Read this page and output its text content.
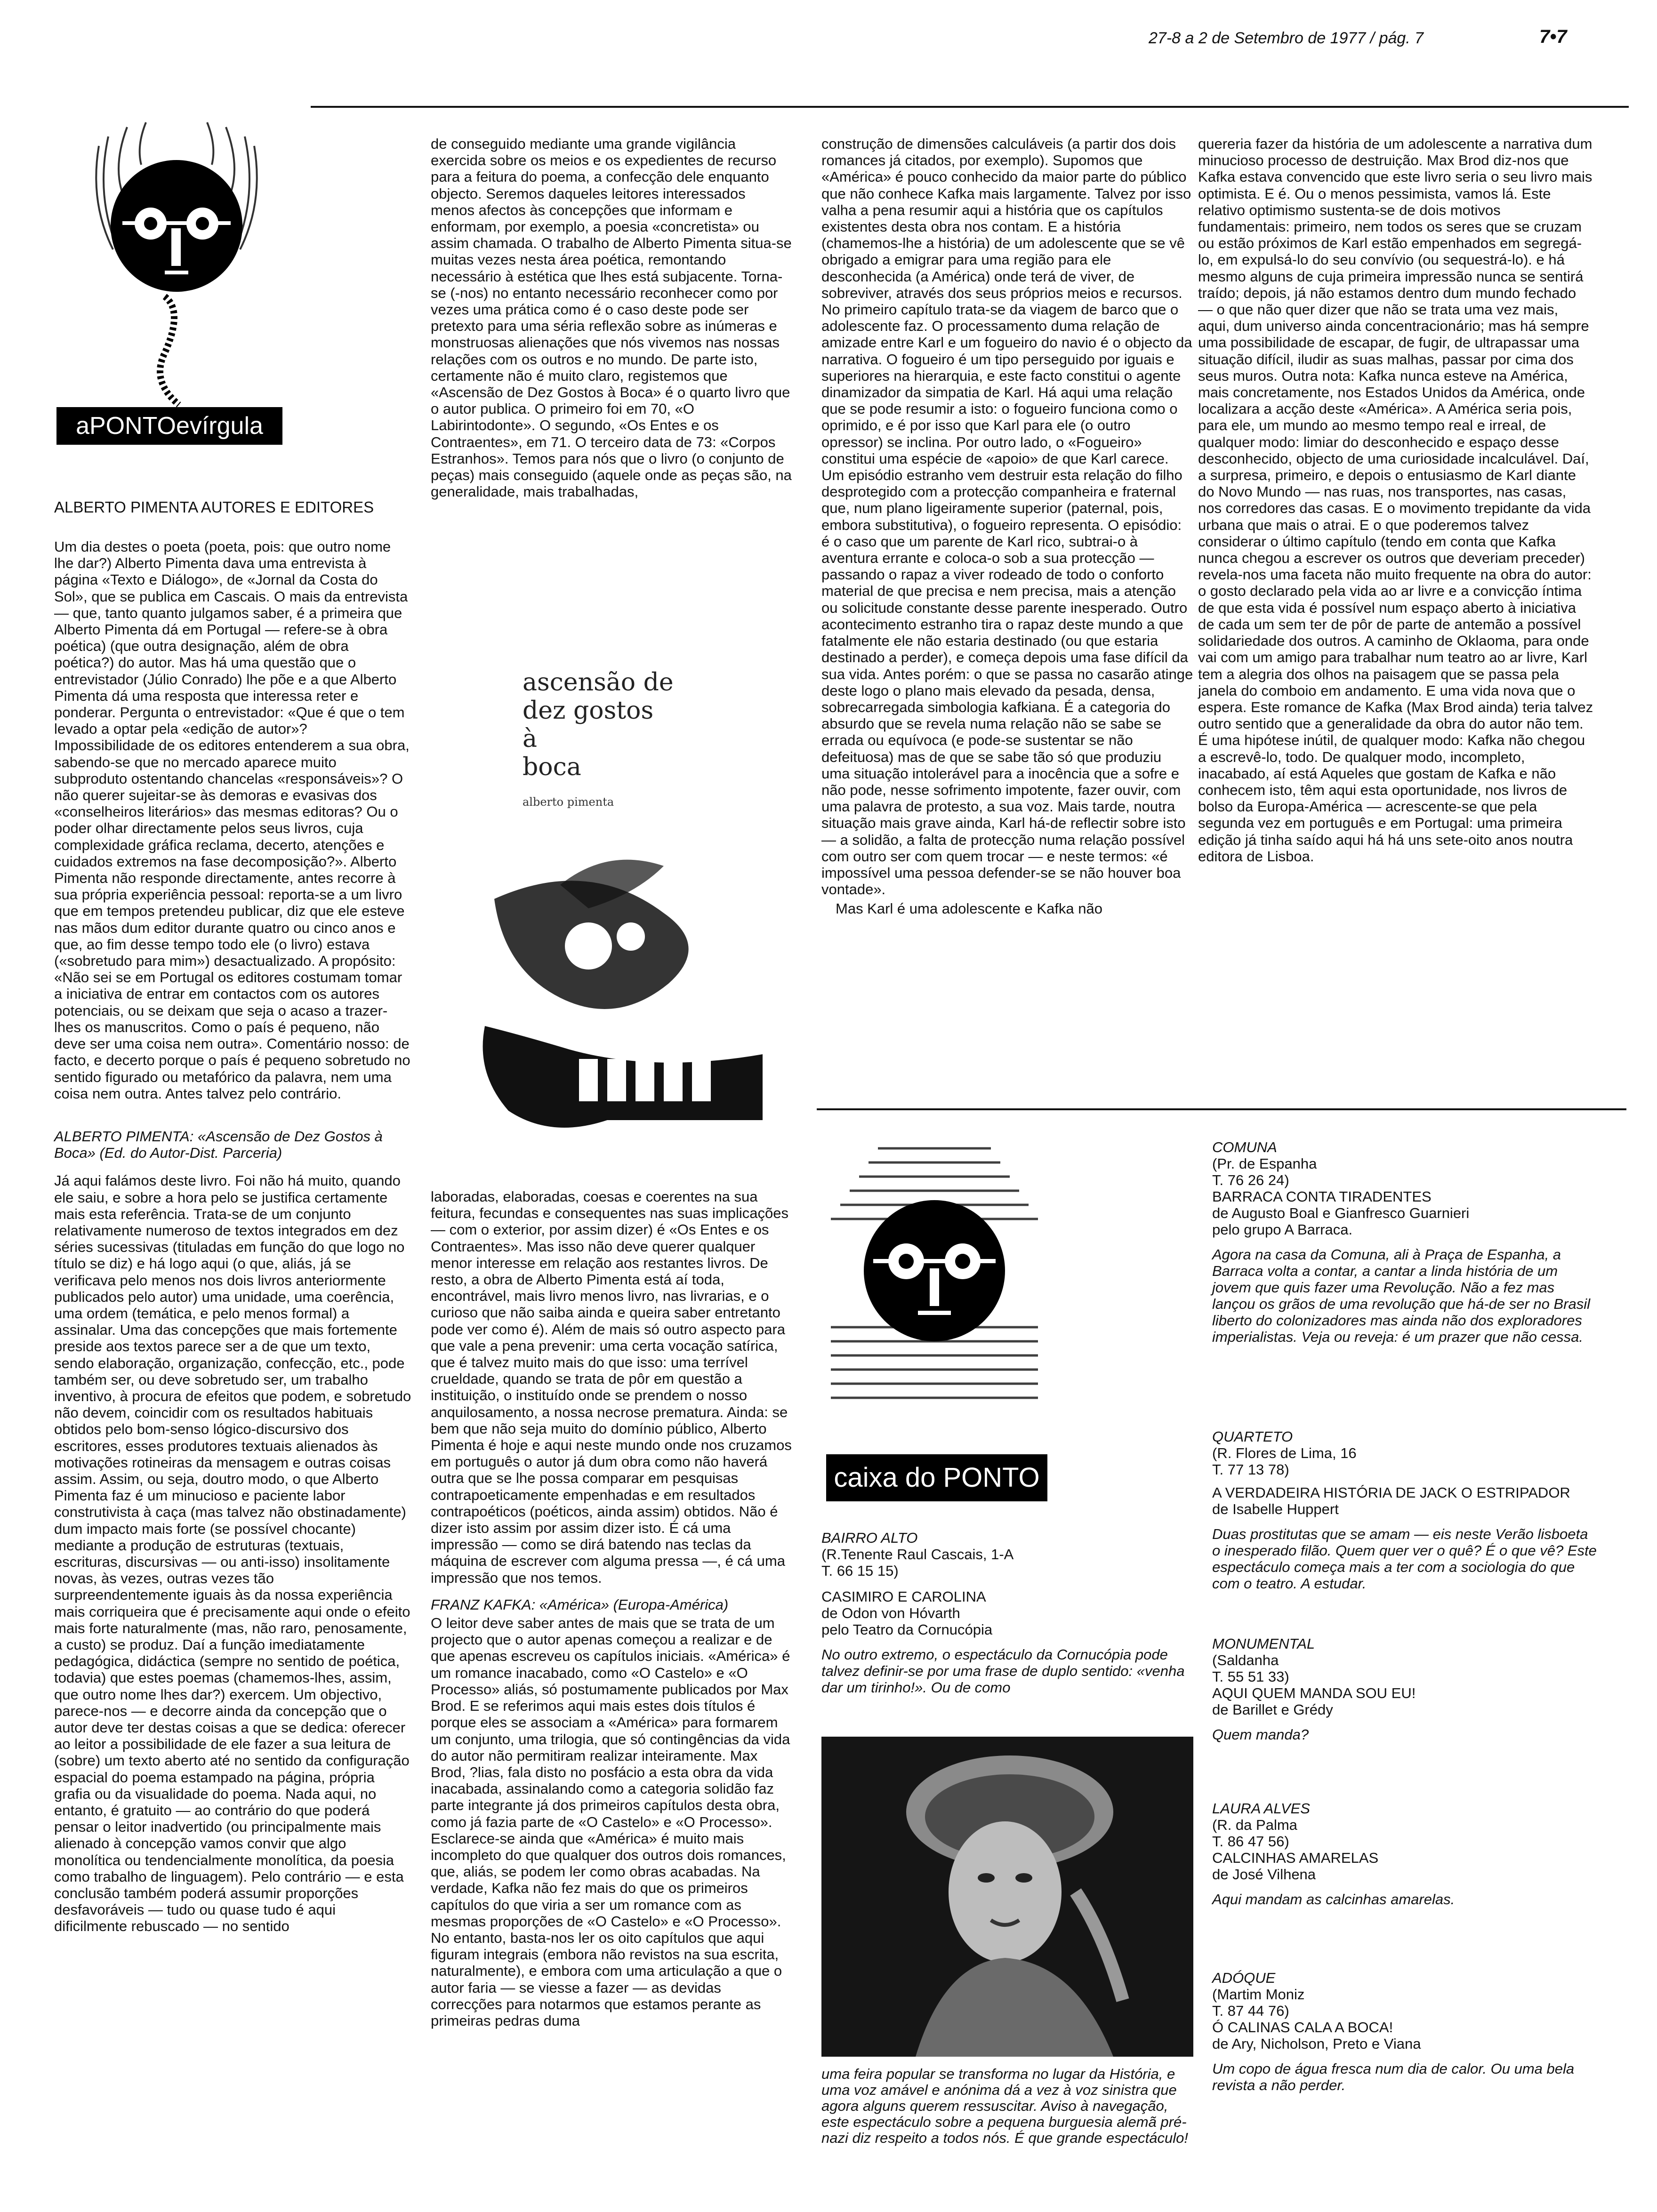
27-8 a 2 de Setembro de 1977 / pág. 7	7•7
aPONTOevírgula
ALBERTO PIMENTA AUTORES E EDITORES

Um dia destes o poeta (poeta, pois: que outro nome lhe dar?) Alberto Pimenta dava uma entrevista à página «Texto e Diálogo», de «Jornal da Costa do Sol», que se publica em Cascais. O mais da entrevista — que, tanto quanto julgamos saber, é a primeira que Alberto Pimenta dá em Portugal — refere-se à obra poética) (que outra designação, além de obra poética?) do autor. Mas há uma questão que o entrevistador (Júlio Conrado) lhe põe e a que Alberto Pimenta dá uma resposta que interessa reter e ponderar. Pergunta o entrevistador: «Que é que o tem levado a optar pela «edição de autor»? Impossibilidade de os editores entenderem a sua obra, sabendo-se que no mercado aparece muito subproduto ostentando chancelas «responsáveis»? O não querer sujeitar-se às demoras e evasivas dos «conselheiros literários» das mesmas editoras? Ou o poder olhar directamente pelos seus livros, cuja complexidade gráfica reclama, decerto, atenções e cuidados extremos na fase decomposição?». Alberto Pimenta não responde directamente, antes recorre à sua própria experiência pessoal: reporta-se a um livro que em tempos pretendeu publicar, diz que ele esteve nas mãos dum editor durante quatro ou cinco anos e que, ao fim desse tempo todo ele (o livro) estava («sobretudo para mim») desactualizado. A propósito: «Não sei se em Portugal os editores costumam tomar a iniciativa de entrar em contactos com os autores potenciais, ou se deixam que seja o acaso a trazer-lhes os manuscritos. Como o país é pequeno, não deve ser uma coisa nem outra». Comentário nosso: de facto, e decerto porque o país é pequeno sobretudo no sentido figurado ou metafórico da palavra, nem uma coisa nem outra. Antes talvez pelo contrário.

ALBERTO PIMENTA: «Ascensão de Dez Gostos à Boca» (Ed. do Autor-Dist. Parceria)

Já aqui falámos deste livro. Foi não há muito, quando ele saiu, e sobre a hora pelo se justifica certamente mais esta referência. Trata-se de um conjunto relativamente numeroso de textos integrados em dez séries sucessivas (tituladas em função do que logo no título se diz) e há logo aqui (o que, aliás, já se verificava pelo menos nos dois livros anteriormente publicados pelo autor) uma unidade, uma coerência, uma ordem (temática, e pelo menos formal) a assinalar. Uma das concepções que mais fortemente preside aos textos parece ser a de que um texto, sendo elaboração, organização, confecção, etc., pode também ser, ou deve sobretudo ser, um trabalho inventivo, à procura de efeitos que podem, e sobretudo não devem, coincidir com os resultados habituais obtidos pelo bom-senso lógico-discursivo dos escritores, esses produtores textuais alienados às motivações rotineiras da mensagem e outras coisas assim. Assim, ou seja, doutro modo, o que Alberto Pimenta faz é um minucioso e paciente labor construtivista à caça (mas talvez não obstinadamente) dum impacto mais forte (se possível chocante) mediante a produção de estruturas (textuais, escrituras, discursivas — ou anti-isso) insolitamente novas, às vezes, outras vezes tão surpreendentemente iguais às da nossa experiência mais corriqueira que é precisamente aqui onde o efeito mais forte naturalmente (mas, não raro, penosamente, a custo) se produz. Daí a função imediatamente pedagógica, didáctica (sempre no sentido de poética, todavia) que estes poemas (chamemos-lhes, assim, que outro nome lhes dar?) exercem. Um objectivo, parece-nos — e decorre ainda da concepção que o autor deve ter destas coisas a que se dedica: oferecer ao leitor a possibilidade de ele fazer a sua leitura de (sobre) um texto aberto até no sentido da configuração espacial do poema estampado na página, própria grafia ou da visualidade do poema. Nada aqui, no entanto, é gratuito — ao contrário do que poderá pensar o leitor inadvertido (ou principalmente mais alienado à concepção vamos convir que algo monolítica ou tendencialmente monolítica, da poesia como trabalho de linguagem). Pelo contrário — e esta conclusão também poderá assumir proporções desfavoráveis — tudo ou quase tudo é aqui dificilmente rebuscado — no sentido

de conseguido mediante uma grande vigilância exercida sobre os meios e os expedientes de recurso para a feitura do poema, a confecção dele enquanto objecto. Seremos daqueles leitores interessados menos afectos às concepções que informam e enformam, por exemplo, a poesia «concretista» ou assim chamada. O trabalho de Alberto Pimenta situa-se muitas vezes nesta área poética, remontando necessário à estética que lhes está subjacente. Torna-se (-nos) no entanto necessário reconhecer como por vezes uma prática como é o caso deste pode ser pretexto para uma séria reflexão sobre as inúmeras e monstruosas alienações que nós vivemos nas nossas relações com os outros e no mundo. De parte isto, certamente não é muito claro, registemos que «Ascensão de Dez Gostos à Boca» é o quarto livro que o autor publica. O primeiro foi em 70, «O Labirintodonte». O segundo, «Os Entes e os Contraentes», em 71. O terceiro data de 73: «Corpos Estranhos». Temos para nós que o livro (o conjunto de peças) mais conseguido (aquele onde as peças são, na generalidade, mais trabalhadas,

ascensão de
dez gostos
à
boca
alberto pimenta

laboradas, elaboradas, coesas e coerentes na sua feitura, fecundas e consequentes nas suas implicações — com o exterior, por assim dizer) é «Os Entes e os Contraentes». Mas isso não deve querer qualquer menor interesse em relação aos restantes livros. De resto, a obra de Alberto Pimenta está aí toda, encontrável, mais livro menos livro, nas livrarias, e o curioso que não saiba ainda e queira saber entretanto pode ver como é). Além de mais só outro aspecto para que vale a pena prevenir: uma certa vocação satírica, que é talvez muito mais do que isso: uma terrível crueldade, quando se trata de pôr em questão a instituição, o instituído onde se prendem o nosso anquilosamento, a nossa necrose prematura. Ainda: se bem que não seja muito do domínio público, Alberto Pimenta é hoje e aqui neste mundo onde nos cruzamos em português o autor já dum obra como não haverá outra que se lhe possa comparar em pesquisas contrapoeticamente empenhadas e em resultados contrapoéticos (poéticos, ainda assim) obtidos. Não é dizer isto assim por assim dizer isto. É cá uma impressão — como se dirá batendo nas teclas da máquina de escrever com alguma pressa —, é cá uma impressão que nos temos.

FRANZ KAFKA: «América» (Europa-América)

O leitor deve saber antes de mais que se trata de um projecto que o autor apenas começou a realizar e de que apenas escreveu os capítulos iniciais. «América» é um romance inacabado, como «O Castelo» e «O Processo» aliás, só postumamente publicados por Max Brod. E se referimos aqui mais estes dois títulos é porque eles se associam a «América» para formarem um conjunto, uma trilogia, que só contingências da vida do autor não permitiram realizar inteiramente. Max Brod, ?lias, fala disto no posfácio a esta obra da vida inacabada, assinalando como a categoria solidão faz parte integrante já dos primeiros capítulos desta obra, como já fazia parte de «O Castelo» e «O Processo». Esclarece-se ainda que «América» é muito mais incompleto do que qualquer dos outros dois romances, que, aliás, se podem ler como obras acabadas. Na verdade, Kafka não fez mais do que os primeiros capítulos do que viria a ser um romance com as mesmas proporções de «O Castelo» e «O Processo». No entanto, basta-nos ler os oito capítulos que aqui figuram integrais (embora não revistos na sua escrita, naturalmente), e embora com uma articulação a que o autor faria — se viesse a fazer — as devidas correcções para notarmos que estamos perante as primeiras pedras duma

construção de dimensões calculáveis (a partir dos dois romances já citados, por exemplo). Supomos que «América» é pouco conhecido da maior parte do público que não conhece Kafka mais largamente. Talvez por isso valha a pena resumir aqui a história que os capítulos existentes desta obra nos contam. E a história (chamemos-lhe a história) de um adolescente que se vê obrigado a emigrar para uma região para ele desconhecida (a América) onde terá de viver, de sobreviver, através dos seus próprios meios e recursos. No primeiro capítulo trata-se da viagem de barco que o adolescente faz. O processamento duma relação de amizade entre Karl e um fogueiro do navio é o objecto da narrativa. O fogueiro é um tipo perseguido por iguais e superiores na hierarquia, e este facto constitui o agente dinamizador da simpatia de Karl. Há aqui uma relação que se pode resumir a isto: o fogueiro funciona como o oprimido, e é por isso que Karl para ele (o outro opressor) se inclina. Por outro lado, o «Fogueiro» constitui uma espécie de «apoio» de que Karl carece. Um episódio estranho vem destruir esta relação do filho desprotegido com a protecção companheira e fraternal que, num plano ligeiramente superior (paternal, pois, embora substitutiva), o fogueiro representa. O episódio: é o caso que um parente de Karl rico, subtrai-o à aventura errante e coloca-o sob a sua protecção — passando o rapaz a viver rodeado de todo o conforto material de que precisa e nem precisa, mais a atenção ou solicitude constante desse parente inesperado. Outro acontecimento estranho tira o rapaz deste mundo a que fatalmente ele não estaria destinado (ou que estaria destinado a perder), e começa depois uma fase difícil da sua vida. Antes porém: o que se passa no casarão atinge deste logo o plano mais elevado da pesada, densa, sobrecarregada simbologia kafkiana. É a categoria do absurdo que se revela numa relação não se sabe se errada ou equívoca (e pode-se sustentar se não defeituosa) mas de que se sabe tão só que produziu uma situação intolerável para a inocência que a sofre e não pode, nesse sofrimento impotente, fazer ouvir, com uma palavra de protesto, a sua voz. Mais tarde, noutra situação mais grave ainda, Karl há-de reflectir sobre isto — a solidão, a falta de protecção numa relação possível com outro ser com quem trocar — e neste termos: «é impossível uma pessoa defender-se se não houver boa vontade».

Mas Karl é uma adolescente e Kafka não

quereria fazer da história de um adolescente a narrativa dum minucioso processo de destruição. Max Brod diz-nos que Kafka estava convencido que este livro seria o seu livro mais optimista. E é. Ou o menos pessimista, vamos lá. Este relativo optimismo sustenta-se de dois motivos fundamentais: primeiro, nem todos os seres que se cruzam ou estão próximos de Karl estão empenhados em segregá-lo, em expulsá-lo do seu convívio (ou sequestrá-lo). e há mesmo alguns de cuja primeira impressão nunca se sentirá traído; depois, já não estamos dentro dum mundo fechado — o que não quer dizer que não se trata uma vez mais, aqui, dum universo ainda concentracionário; mas há sempre uma possibilidade de escapar, de fugir, de ultrapassar uma situação difícil, iludir as suas malhas, passar por cima dos seus muros. Outra nota: Kafka nunca esteve na América, mais concretamente, nos Estados Unidos da América, onde localizara a acção deste «América». A América seria pois, para ele, um mundo ao mesmo tempo real e irreal, de qualquer modo: limiar do desconhecido e espaço desse desconhecido, objecto de uma curiosidade incalculável. Daí, a surpresa, primeiro, e depois o entusiasmo de Karl diante do Novo Mundo — nas ruas, nos transportes, nas casas, nos corredores das casas. E o movimento trepidante da vida urbana que mais o atrai. E o que poderemos talvez considerar o último capítulo (tendo em conta que Kafka nunca chegou a escrever os outros que deveriam preceder) revela-nos uma faceta não muito frequente na obra do autor: o gosto declarado pela vida ao ar livre e a convicção íntima de que esta vida é possível num espaço aberto à iniciativa de cada um sem ter de pôr de parte de antemão a possível solidariedade dos outros. A caminho de Oklaoma, para onde vai com um amigo para trabalhar num teatro ao ar livre, Karl tem a alegria dos olhos na paisagem que se passa pela janela do comboio em andamento. E uma vida nova que o espera. Este romance de Kafka (Max Brod ainda) teria talvez outro sentido que a generalidade da obra do autor não tem. É uma hipótese inútil, de qualquer modo: Kafka não chegou a escrevê-lo, todo. De qualquer modo, incompleto, inacabado, aí está Aqueles que gostam de Kafka e não conhecem isto, têm aqui esta oportunidade, nos livros de bolso da Europa-América — acrescente-se que pela segunda vez em português e em Portugal: uma primeira edição já tinha saído aqui há há uns sete-oito anos noutra editora de Lisboa.

caixa do PONTO
BAIRRO ALTO
(R.Tenente Raul Cascais, 1-A
T. 66 15 15)
CASIMIRO E CAROLINA
de Odon von Hóvarth
pelo Teatro da Cornucópia
No outro extremo, o espectáculo da Cornucópia pode talvez definir-se por uma frase de duplo sentido: «venha dar um tirinho!». Ou de como
uma feira popular se transforma no lugar da História, e uma voz amável e anónima dá a vez à voz sinistra que agora alguns querem ressuscitar. Aviso à navegação, este espectáculo sobre a pequena burguesia alemã pré-nazi diz respeito a todos nós. É que grande espectáculo!
COMUNA
(Pr. de Espanha
T. 76 26 24)
BARRACA CONTA TIRADENTES
de Augusto Boal e Gianfresco Guarnieri
pelo grupo A Barraca.
Agora na casa da Comuna, ali à Praça de Espanha, a Barraca volta a contar, a cantar a linda história de um jovem que quis fazer uma Revolução. Não a fez mas lançou os grãos de uma revolução que há-de ser no Brasil liberto do colonizadores mas ainda não dos exploradores imperialistas. Veja ou reveja: é um prazer que não cessa.
QUARTETO
(R. Flores de Lima, 16
T. 77 13 78)
A VERDADEIRA HISTÓRIA DE JACK O ESTRIPADOR
de Isabelle Huppert
Duas prostitutas que se amam — eis neste Verão lisboeta o inesperado filão. Quem quer ver o quê? É o que vê? Este espectáculo começa mais a ter com a sociologia do que com o teatro. A estudar.
MONUMENTAL
(Saldanha
T. 55 51 33)
AQUI QUEM MANDA SOU EU!
de Barillet e Grédy
Quem manda?
LAURA ALVES
(R. da Palma
T. 86 47 56)
CALCINHAS AMARELAS
de José Vilhena
Aqui mandam as calcinhas amarelas.
ADÓQUE
(Martim Moniz
T. 87 44 76)
Ó CALINAS CALA A BOCA!
de Ary, Nicholson, Preto e Viana
Um copo de água fresca num dia de calor. Ou uma bela revista a não perder.
